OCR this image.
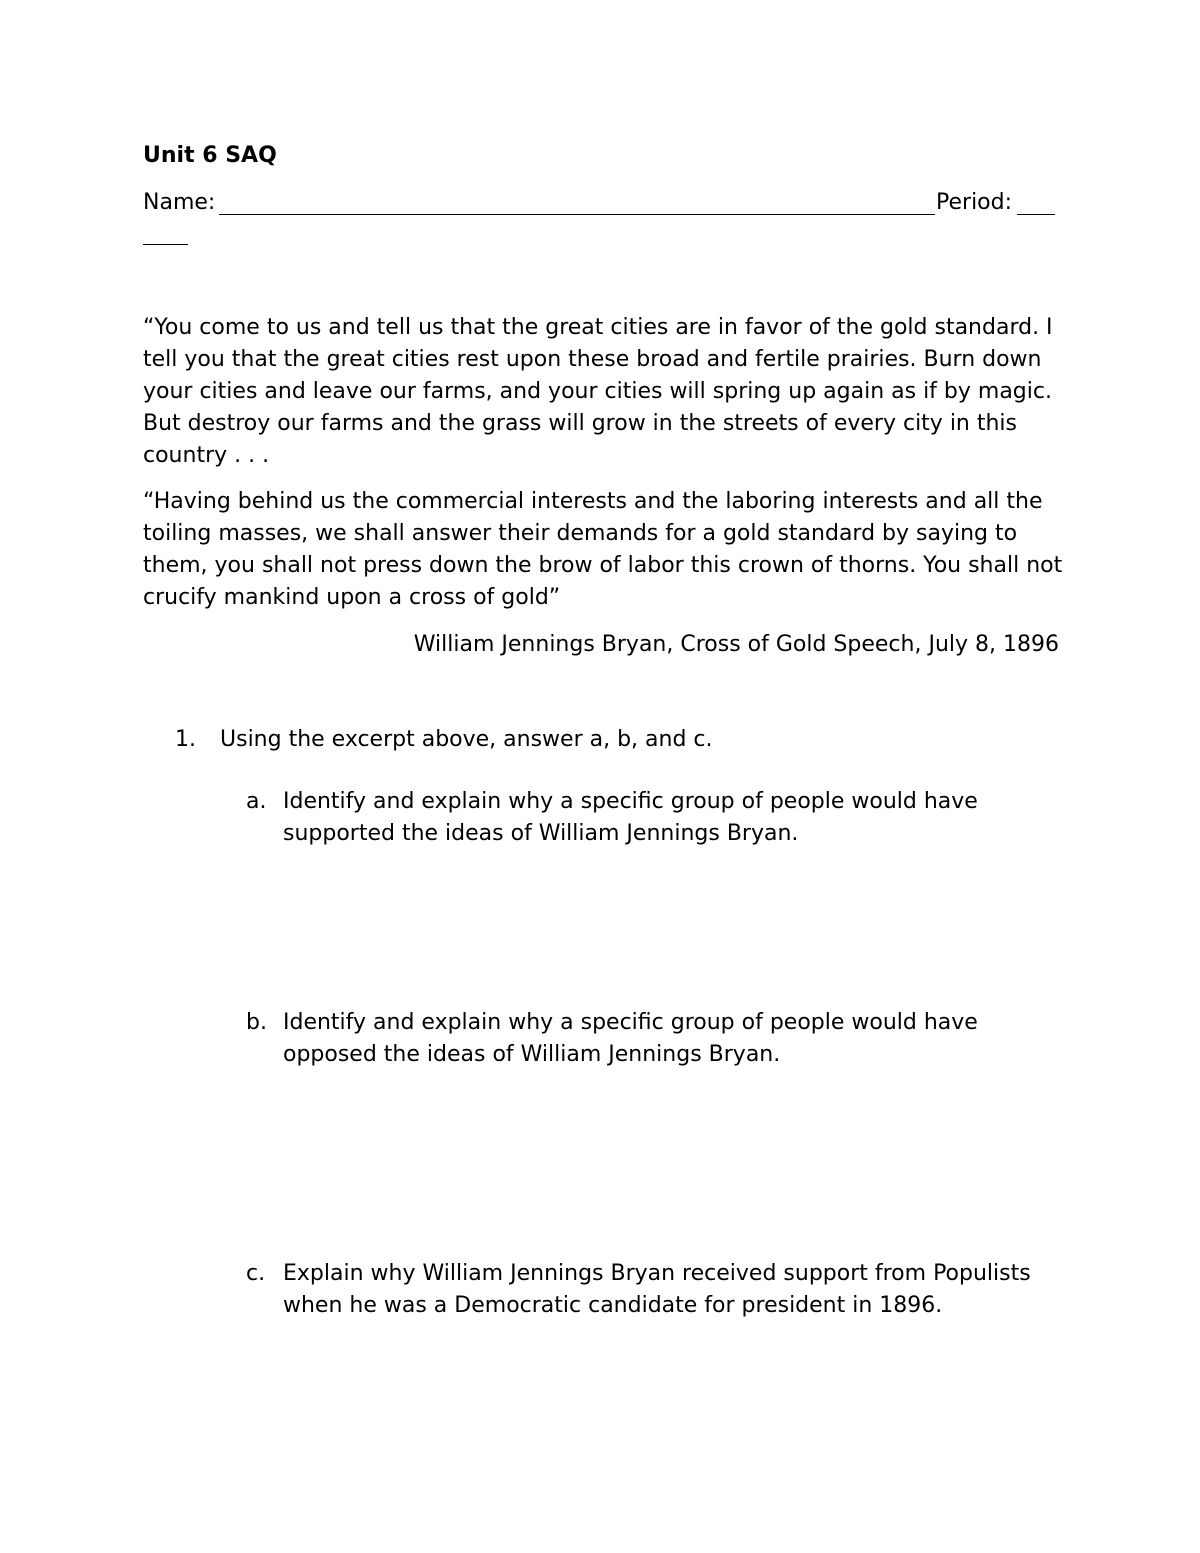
Unit 6 SAQ
Name:	Period:

“You come to us and tell us that the great cities are in favor of the gold standard. I tell you that the great cities rest upon these broad and fertile prairies. Burn down your cities and leave our farms, and your cities will spring up again as if by magic. But destroy our farms and the grass will grow in the streets of every city in this country . . .

“Having behind us the commercial interests and the laboring interests and all the toiling masses, we shall answer their demands for a gold standard by saying to them, you shall not press down the brow of labor this crown of thorns. You shall not crucify mankind upon a cross of gold”

William Jennings Bryan, Cross of Gold Speech, July 8, 1896

1. Using the excerpt above, answer a, b, and c.
a. Identify and explain why a specific group of people would have supported the ideas of William Jennings Bryan.
b. Identify and explain why a specific group of people would have opposed the ideas of William Jennings Bryan.
c. Explain why William Jennings Bryan received support from Populists when he was a Democratic candidate for president in 1896.
